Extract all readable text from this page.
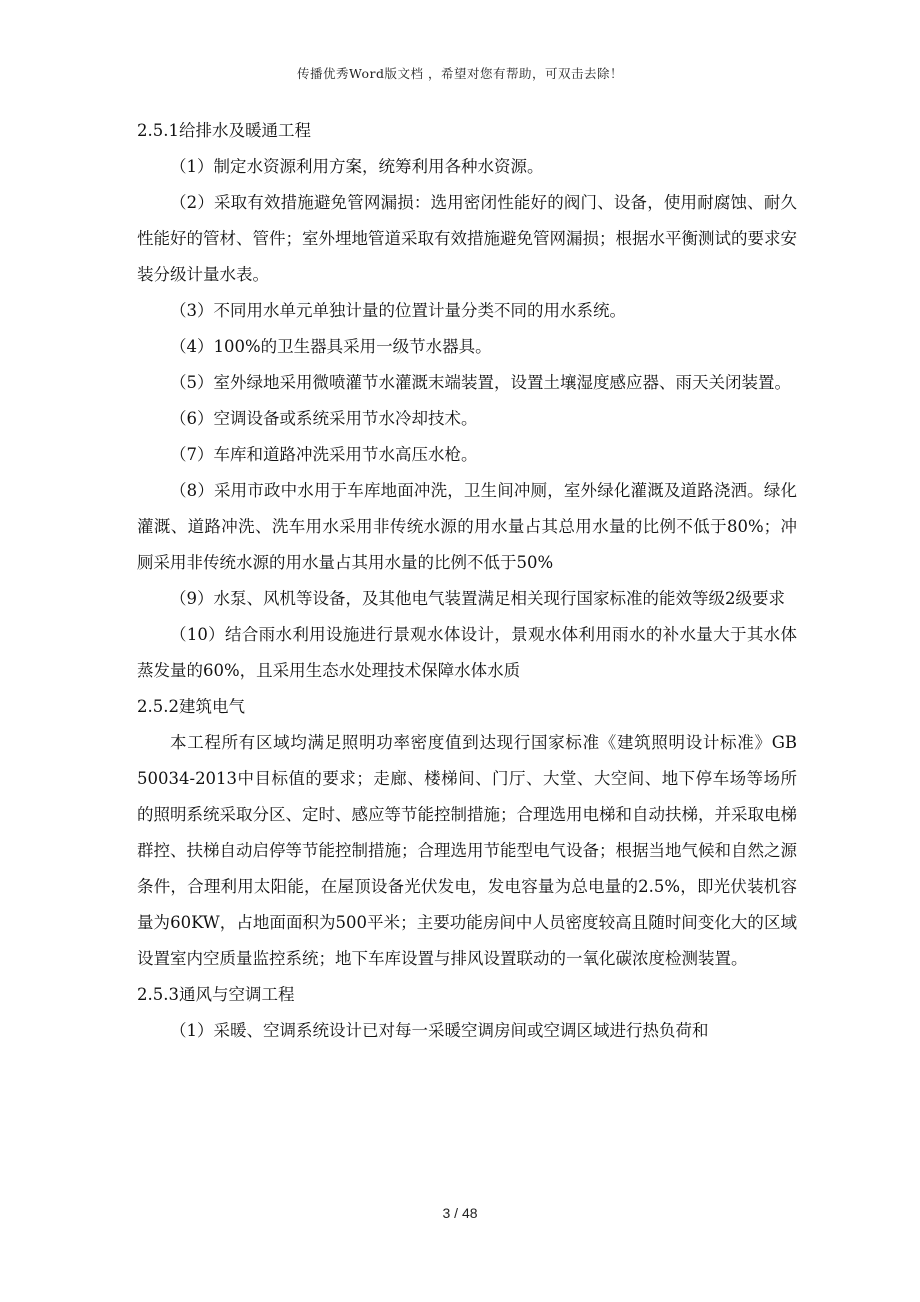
传播优秀Word版文档 ，希望对您有帮助，可双击去除！

2.5.1给排水及暖通工程

（1）制定水资源利用方案，统筹利用各种水资源。

（2）采取有效措施避免管网漏损：选用密闭性能好的阀门、设备，使用耐腐蚀、耐久性能好的管材、管件；室外埋地管道采取有效措施避免管网漏损；根据水平衡测试的要求安装分级计量水表。

（3）不同用水单元单独计量的位置计量分类不同的用水系统。

（4）100%的卫生器具采用一级节水器具。

（5）室外绿地采用微喷灌节水灌溉末端装置，设置土壤湿度感应器、雨天关闭装置。

（6）空调设备或系统采用节水冷却技术。

（7）车库和道路冲洗采用节水高压水枪。

（8）采用市政中水用于车库地面冲洗，卫生间冲厕，室外绿化灌溉及道路浇洒。绿化灌溉、道路冲洗、洗车用水采用非传统水源的用水量占其总用水量的比例不低于80%；冲厕采用非传统水源的用水量占其用水量的比例不低于50%

（9）水泵、风机等设备，及其他电气装置满足相关现行国家标准的能效等级2级要求

（10）结合雨水利用设施进行景观水体设计，景观水体利用雨水的补水量大于其水体蒸发量的60%，且采用生态水处理技术保障水体水质

2.5.2建筑电气

本工程所有区域均满足照明功率密度值到达现行国家标准《建筑照明设计标准》GB 50034-2013中目标值的要求；走廊、楼梯间、门厅、大堂、大空间、地下停车场等场所的照明系统采取分区、定时、感应等节能控制措施；合理选用电梯和自动扶梯，并采取电梯群控、扶梯自动启停等节能控制措施；合理选用节能型电气设备；根据当地气候和自然之源条件，合理利用太阳能，在屋顶设备光伏发电，发电容量为总电量的2.5%，即光伏装机容量为60KW，占地面面积为500平米；主要功能房间中人员密度较高且随时间变化大的区域设置室内空质量监控系统；地下车库设置与排风设置联动的一氧化碳浓度检测装置。

2.5.3通风与空调工程

（1）采暖、空调系统设计已对每一采暖空调房间或空调区域进行热负荷和

3 / 48
